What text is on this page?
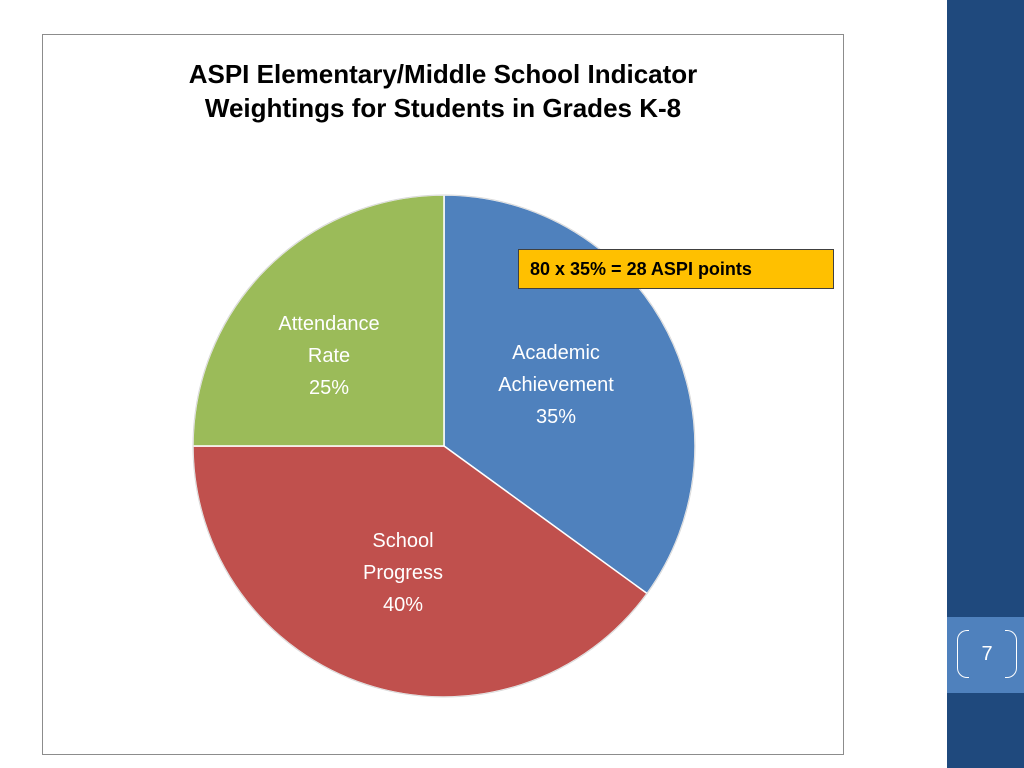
ASPI Elementary/Middle School Indicator
Weightings for Students in Grades K-8
Academic Achievement 35%
School Progress 40%
Attendance Rate 25%
80 x 35% = 28 ASPI points
7
